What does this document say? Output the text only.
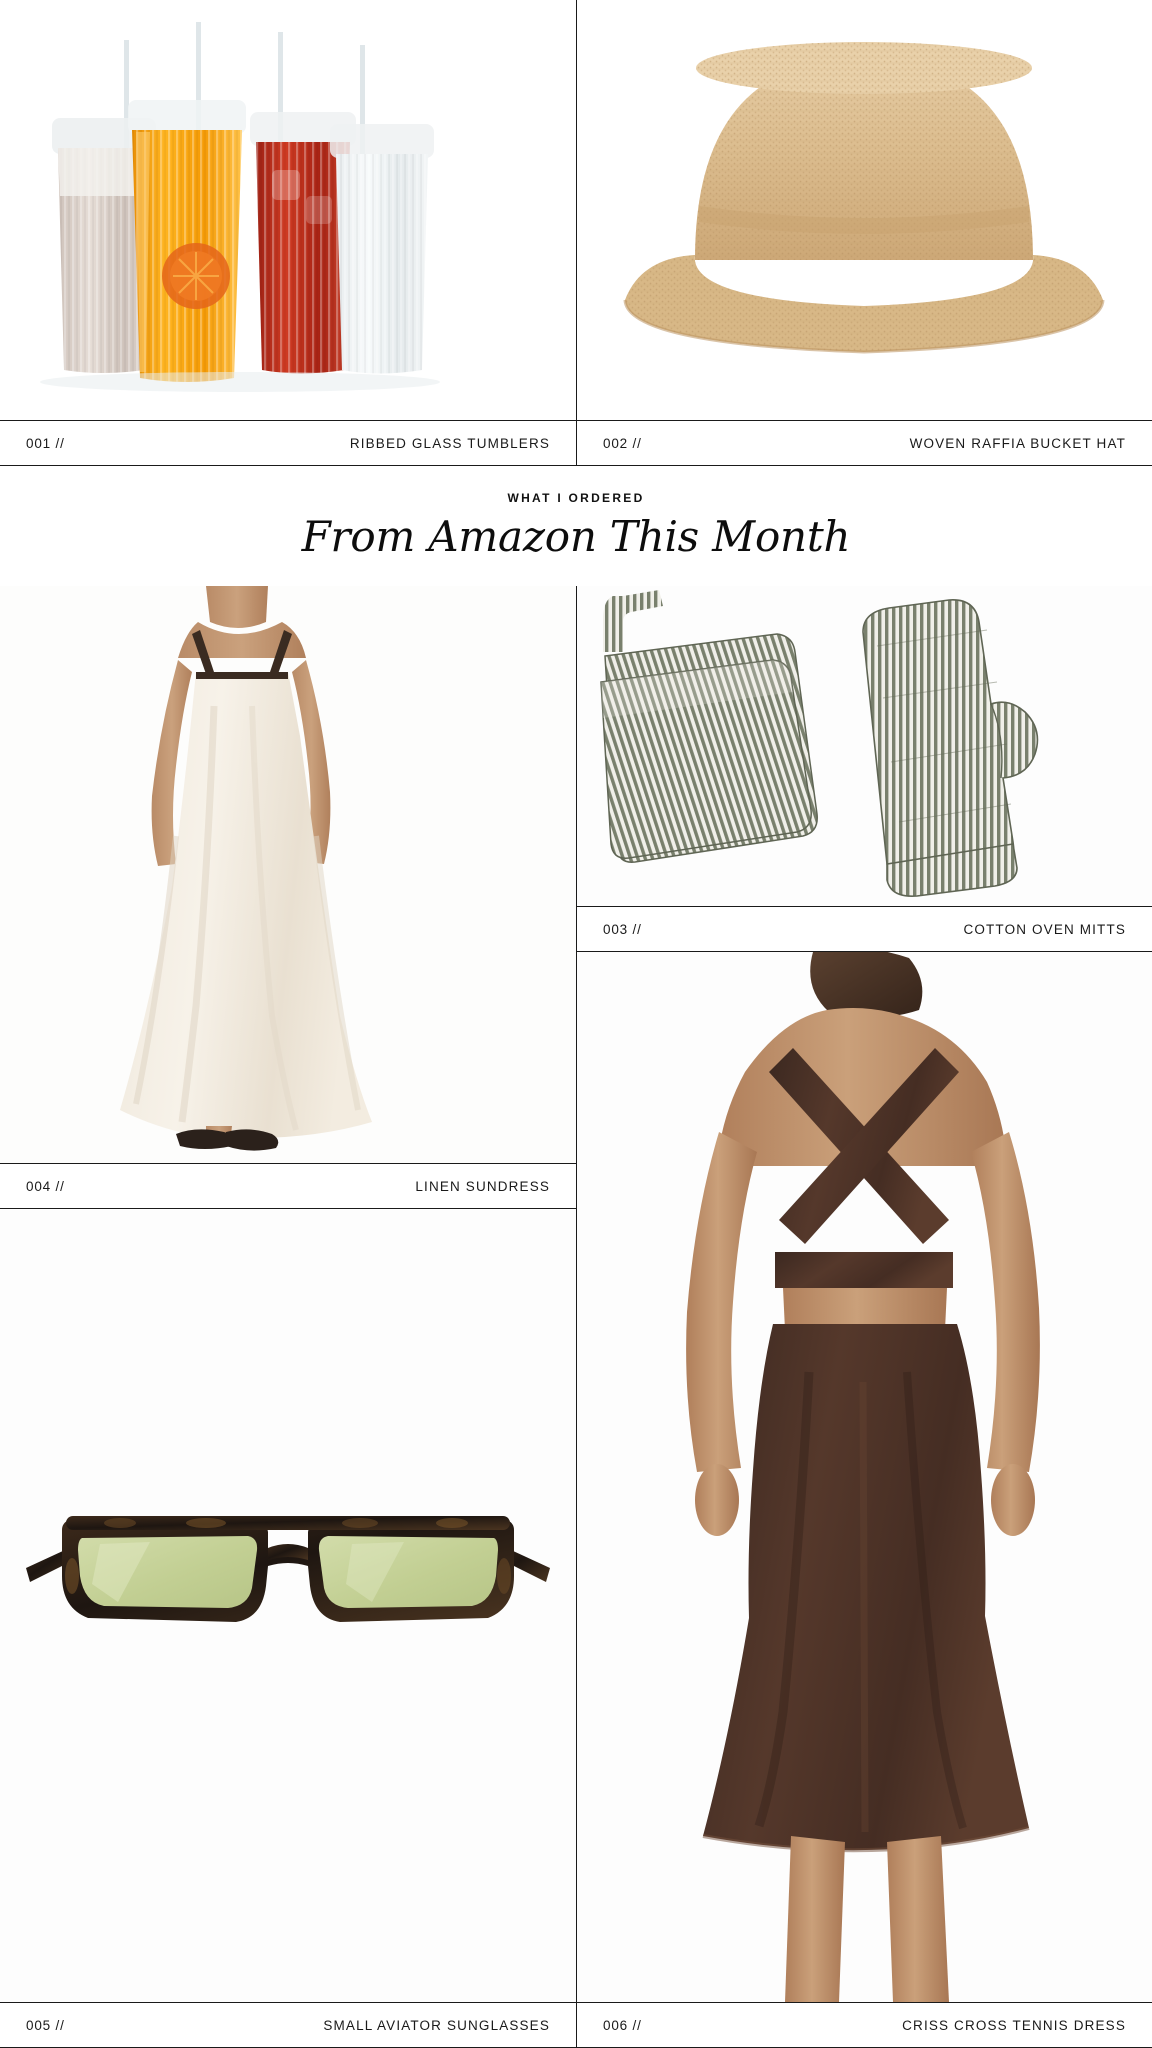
001 //	RIBBED GLASS TUMBLERS	002 //	WOVEN RAFFIA BUCKET HAT
WHAT I ORDERED
From Amazon This Month
004 //	LINEN SUNDRESS
005 //	SMALL AVIATOR SUNGLASSES
003 //	COTTON OVEN MITTS
006 //	CRISS CROSS TENNIS DRESS
